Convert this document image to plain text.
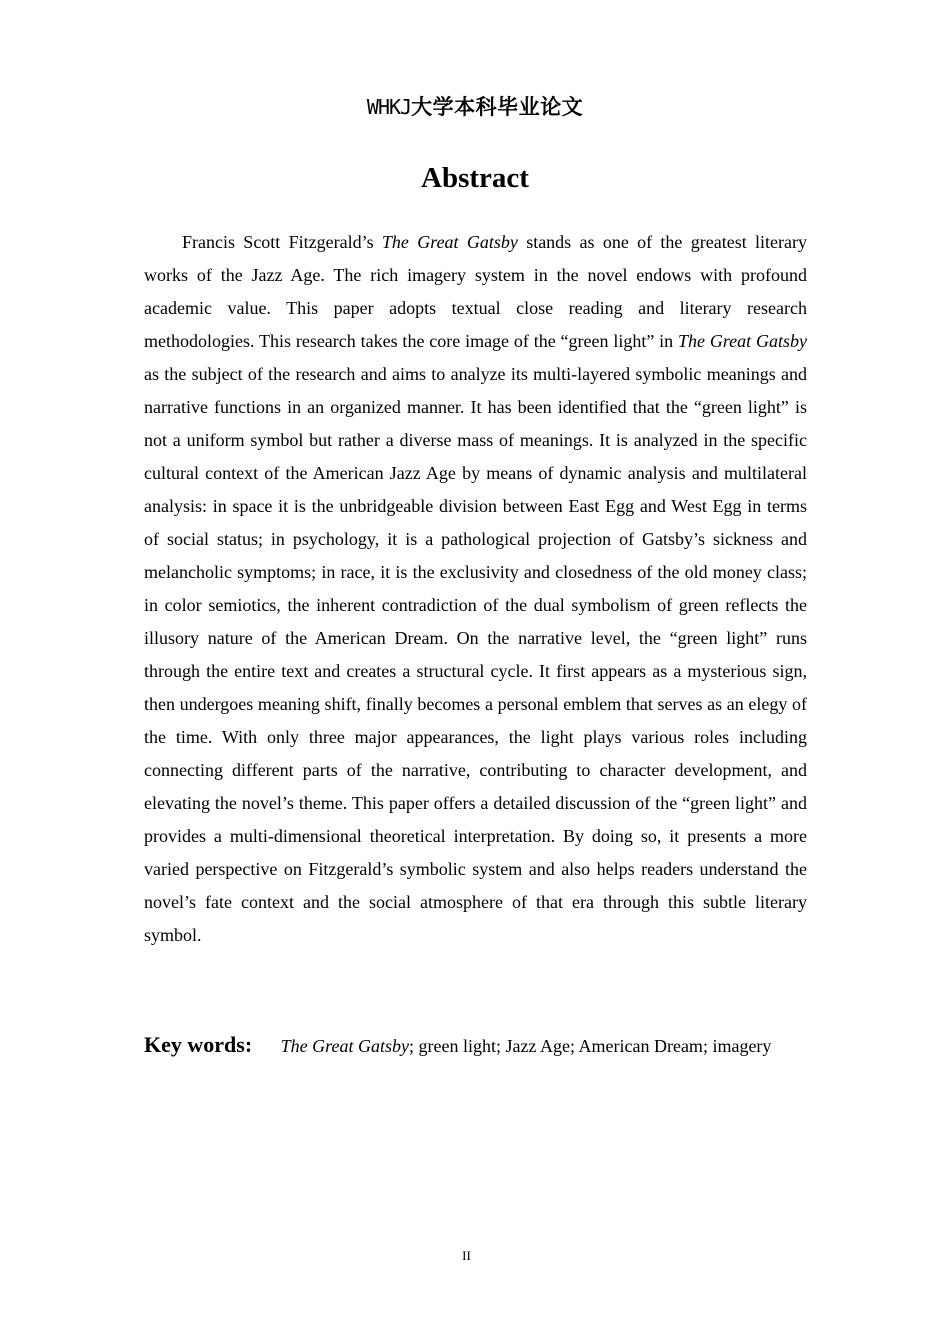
WHKJ大学本科毕业论文
Abstract

Francis Scott Fitzgerald’s The Great Gatsby stands as one of the greatest literary works of the Jazz Age. The rich imagery system in the novel endows with profound academic value. This paper adopts textual close reading and literary research methodologies. This research takes the core image of the “green light” in The Great Gatsby as the subject of the research and aims to analyze its multi-layered symbolic meanings and narrative functions in an organized manner. It has been identified that the “green light” is not a uniform symbol but rather a diverse mass of meanings. It is analyzed in the specific cultural context of the American Jazz Age by means of dynamic analysis and multilateral analysis: in space it is the unbridgeable division between East Egg and West Egg in terms of social status; in psychology, it is a pathological projection of Gatsby’s sickness and melancholic symptoms; in race, it is the exclusivity and closedness of the old money class; in color semiotics, the inherent contradiction of the dual symbolism of green reflects the illusory nature of the American Dream. On the narrative level, the “green light” runs through the entire text and creates a structural cycle. It first appears as a mysterious sign, then undergoes meaning shift, finally becomes a personal emblem that serves as an elegy of the time. With only three major appearances, the light plays various roles including connecting different parts of the narrative, contributing to character development, and elevating the novel’s theme. This paper offers a detailed discussion of the “green light” and provides a multi-dimensional theoretical interpretation. By doing so, it presents a more varied perspective on Fitzgerald’s symbolic system and also helps readers understand the novel’s fate context and the social atmosphere of that era through this subtle literary symbol.

Key words: The Great Gatsby; green light; Jazz Age; American Dream; imagery

II
